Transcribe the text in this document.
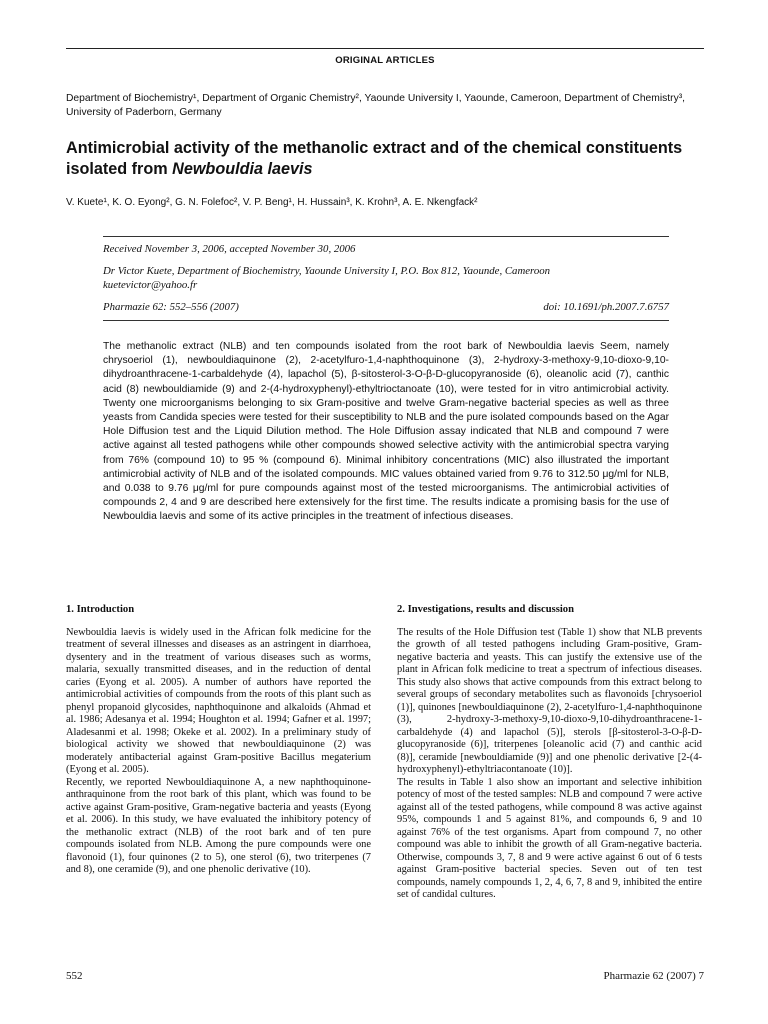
ORIGINAL ARTICLES
Department of Biochemistry¹, Department of Organic Chemistry², Yaounde University I, Yaounde, Cameroon, Department of Chemistry³, University of Paderborn, Germany
Antimicrobial activity of the methanolic extract and of the chemical constituents isolated from Newbouldia laevis
V. Kuete¹, K. O. Eyong², G. N. Folefoc², V. P. Beng¹, H. Hussain³, K. Krohn³, A. E. Nkengfack²
Received November 3, 2006, accepted November 30, 2006
Dr Victor Kuete, Department of Biochemistry, Yaounde University I, P.O. Box 812, Yaounde, Cameroon
kuetevictor@yahoo.fr
Pharmazie 62: 552–556 (2007)	doi: 10.1691/ph.2007.7.6757
The methanolic extract (NLB) and ten compounds isolated from the root bark of Newbouldia laevis Seem, namely chrysoeriol (1), newbouldiaquinone (2), 2-acetylfuro-1,4-naphthoquinone (3), 2-hydroxy-3-methoxy-9,10-dioxo-9,10-dihydroanthracene-1-carbaldehyde (4), lapachol (5), β-sitosterol-3-O-β-D-glucopyranoside (6), oleanolic acid (7), canthic acid (8) newbouldiamide (9) and 2-(4-hydroxyphenyl)-ethyltrioctanoate (10), were tested for in vitro antimicrobial activity. Twenty one microorganisms belonging to six Gram-positive and twelve Gram-negative bacterial species as well as three yeasts from Candida species were tested for their susceptibility to NLB and the pure isolated compounds based on the Agar Hole Diffusion test and the Liquid Dilution method. The Hole Diffusion assay indicated that NLB and compound 7 were active against all tested pathogens while other compounds showed selective activity with the antimicrobial spectra varying from 76% (compound 10) to 95 % (compound 6). Minimal inhibitory concentrations (MIC) also illustrated the important antimicrobial activity of NLB and of the isolated compounds. MIC values obtained varied from 9.76 to 312.50 μg/ml for NLB, and 0.038 to 9.76 μg/ml for pure compounds against most of the tested microorganisms. The antimicrobial activities of compounds 2, 4 and 9 are described here extensively for the first time. The results indicate a promising basis for the use of Newbouldia laevis and some of its active principles in the treatment of infectious diseases.
1. Introduction

Newbouldia laevis is widely used in the African folk medicine for the treatment of several illnesses and diseases as an astringent in diarrhoea, dysentery and in the treatment of various diseases such as worms, malaria, sexually transmitted diseases, and in the reduction of dental caries (Eyong et al. 2005). A number of authors have reported the antimicrobial activities of compounds from the roots of this plant such as phenyl propanoid glycosides, naphthoquinone and alkaloids (Ahmad et al. 1986; Adesanya et al. 1994; Houghton et al. 1994; Gafner et al. 1997; Aladesanmi et al. 1998; Okeke et al. 2002). In a preliminary study of biological activity we showed that newbouldiaquinone (2) was moderately antibacterial against Gram-positive Bacillus megaterium (Eyong et al. 2005).

Recently, we reported Newbouldiaquinone A, a new naphthoquinone-anthraquinone from the root bark of this plant, which was found to be active against Gram-positive, Gram-negative bacteria and yeasts (Eyong et al. 2006). In this study, we have evaluated the inhibitory potency of the methanolic extract (NLB) of the root bark and of ten pure compounds isolated from NLB. Among the pure compounds were one flavonoid (1), four quinones (2 to 5), one sterol (6), two triterpenes (7 and 8), one ceramide (9), and one phenolic derivative (10).

2. Investigations, results and discussion

The results of the Hole Diffusion test (Table 1) show that NLB prevents the growth of all tested pathogens including Gram-positive, Gram-negative bacteria and yeasts. This can justify the extensive use of the plant in African folk medicine to treat a spectrum of infectious diseases. This study also shows that active compounds from this extract belong to several groups of secondary metabolites such as flavonoids [chrysoeriol (1)], quinones [newbouldiaquinone (2), 2-acetylfuro-1,4-naphthoquinone (3), 2-hydroxy-3-methoxy-9,10-dioxo-9,10-dihydroanthracene-1-carbaldehyde (4) and lapachol (5)], sterols [β-sitosterol-3-O-β-D-glucopyranoside (6)], triterpenes [oleanolic acid (7) and canthic acid (8)], ceramide [newbouldiamide (9)] and one phenolic derivative [2-(4-hydroxyphenyl)-ethyltriacontanoate (10)].

The results in Table 1 also show an important and selective inhibition potency of most of the tested samples: NLB and compound 7 were active against all of the tested pathogens, while compound 8 was active against 95%, compounds 1 and 5 against 81%, and compounds 6, 9 and 10 against 76% of the test organisms. Apart from compound 7, no other compound was able to inhibit the growth of all Gram-negative bacteria. Otherwise, compounds 3, 7, 8 and 9 were active against 6 out of 6 tests against Gram-positive bacterial species. Seven out of ten test compounds, namely compounds 1, 2, 4, 6, 7, 8 and 9, inhibited the entire set of candidal cultures.

552	Pharmazie 62 (2007) 7
